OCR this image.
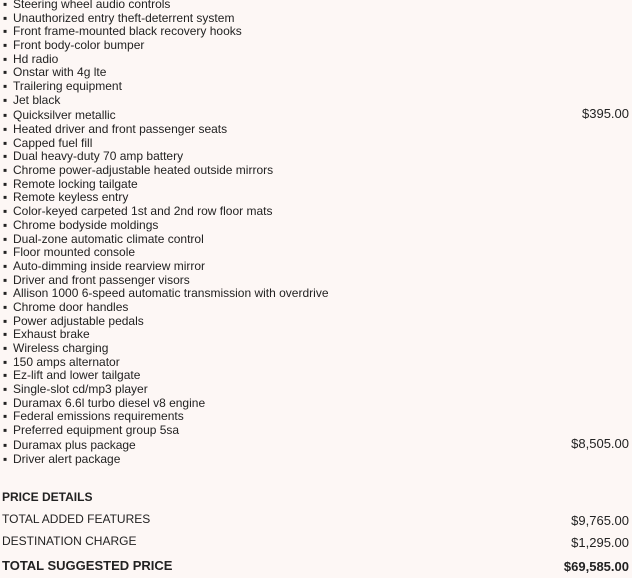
▪ Steering wheel audio controls
▪ Unauthorized entry theft-deterrent system
▪ Front frame-mounted black recovery hooks
▪ Front body-color bumper
▪ Hd radio
▪ Onstar with 4g lte
▪ Trailering equipment
▪ Jet black
▪ Quicksilver metallic	$395.00
▪ Heated driver and front passenger seats
▪ Capped fuel fill
▪ Dual heavy-duty 70 amp battery
▪ Chrome power-adjustable heated outside mirrors
▪ Remote locking tailgate
▪ Remote keyless entry
▪ Color-keyed carpeted 1st and 2nd row floor mats
▪ Chrome bodyside moldings
▪ Dual-zone automatic climate control
▪ Floor mounted console
▪ Auto-dimming inside rearview mirror
▪ Driver and front passenger visors
▪ Allison 1000 6-speed automatic transmission with overdrive
▪ Chrome door handles
▪ Power adjustable pedals
▪ Exhaust brake
▪ Wireless charging
▪ 150 amps alternator
▪ Ez-lift and lower tailgate
▪ Single-slot cd/mp3 player
▪ Duramax 6.6l turbo diesel v8 engine
▪ Federal emissions requirements
▪ Preferred equipment group 5sa
▪ Duramax plus package	$8,505.00
▪ Driver alert package
PRICE DETAILS
TOTAL ADDED FEATURES	$9,765.00
DESTINATION CHARGE	$1,295.00
TOTAL SUGGESTED PRICE	$69,585.00
